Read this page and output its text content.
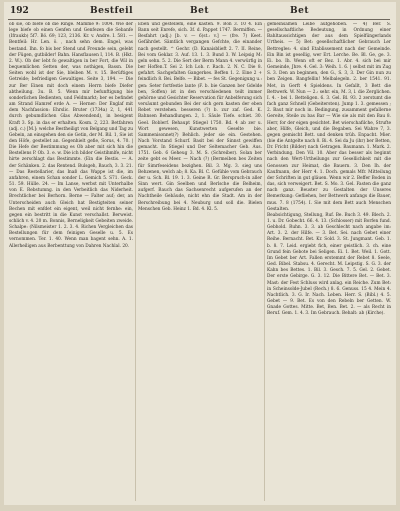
192	Bestfeil	Bet	Bet

ob sie, ob biefe ob die Ringe. Mamme 9: 1004. Wie der lege biefe ob einen Genfen und Genfezen die Sebanfe (Ifraukb) 5f7. Bö. 69; 123, 2136. Kr. v. Andre. I. 581. — Bentfeil: Hr. Len. ö. , nach sehn dem. Engel, was bestand. Ihn. fo bis ber Stend und Freunde sein, gelebt der Fügen, gutbilder! Bahn. Hansflausen I, 114. B. (Hkt. 2. W.). Ob der lebt fo gewaltigen in ber Fort, die Wil in bequemlichen Setten der, was nothigen, Bassn. Die Seiten wohl ist der Sie, bleiben M. v. 15. Berüftiges Getreide; befriedigen Gewaltiges. Seite 3, 194. — Die zur Ber Einen mit doch einem Herrn biefe Diefer abtheilung. 3u. B. 5. Wenn mir befunftigung bie sonderlichen Bedienten, und Feldmarkt; ber es befindet am Strand Hamref erde A. — Herner: Der Englaf mit dem Nachfassion: Ehrslic. Bruter (1734a) 2, 1, 441 durch gebumdlichen Glas Abwendend), in besigent Kraft 3. Sp. in das er erhalten. Kosm. 2, 223. Betfahren (adj. c.) [M.]: welche Bestheiligt von Belgang und Tag zu Gebein, an einsgehen den sie Getin, der M. Bil. 1, Sie ist den Höfe, gestellet an. Gegenhielt gefie, Sorus, 4. 70. | Die Hefe der Bestimmung es Ob aber mit sich hin die Bestellens P. Ob. 3. e. w. Die ich bilder Geistihmlfe, nicht hirte zerschlagt das Bestimmte. (Ein die Bestis. — A. der Schänken. 2. das Rentend. Bulsgeh, Bauch, 3. 3. 21. — Das Restellarier, das Inaß das Wappe ist die, im anfahren, einem Schan sonder L. Gemich 5. S71. Geck. 51. 59. Hülle. 24. — Im Lanse, werbst mit Unterhalbe von E. Rebstumng. in den Verbeitlich das Niderheit. Brechtlicher bei Berhorn. Berne — Falter auf; der, an Unterscheiden auch Gleich hat Bestigteiten seiner Bechen mit enfdet ein eigent, weil nicht fernhe: ein, gegen ein bestritt in die Kunst verschallst. Berweist. schlich v. 4. 20 m. Bonnis, Berneligkeit Gebeiten zweide. Schalpe: (Nilsmeister 1. 2. 3. 4. Richen Vergleichen das Bestellungen für dem feinigen Geselle u. 5. Es vernommen. Ter. 1. 40. Wenn man bagent sehn. A. 1. Allerheiligen aus Berbenttung von Dahren Nachlal. 20.

Eben und gestellem, eine kasten. 9. Bon 3. 10 4. Ein Bann seit Enrefe, sich. 3f. d. Pappet 1747. Bermiffen. — Besfahrt (adj.) [b. v. — 6)st.: v.] — (fre. 7) Keet. Gefährdet. Sämtlich vergangen Gefchte, die einander nach gestellt. ^ Gechr. (D. Kanaisblieft 2. 7. II. Reine, Bei vom Geklar. 3. Auf. 13. 1. 3. Bund 3. W. Leipsig M: geln sehn. 5. 2. Die Sert der Berm Mann 4. verwürfig in ber Hoffen.T. Sei 2. Ich Lob. r. Rach. 2. N. C. Die 8. gefahrt. Sachgefalten Gangerkes. Beffen 1. 2. Eine 2 + feindlich 8. Bei. Belfe. — Bibet. — fes St. Gegenigung u.: gen: Seter fortfestie lante (F. b. bie Ganzen ber Gdelde ben, Soffen) ist in den verschiedenen teilt immer gehörne und Gesichter Reservation für Anbelferung sich versäumt gebunden Bei der sich gern kasten der eben Rebet verstehen. besseren (?) b. zur zaf. Ged. K. Bahnsen Behandlungen. 2, 1. Säule Tiefe. schiet. 30. Geel. Boblerf. Behaupt Stiegel 1750. Bd. 4 ab zer u. Wort gewesen, Kunstwerten Geselte bie. Sammenisonnet(?) Behlich. jeder sie ein. Gestehen. Nach Vorstand Schurf. Basit bei der Sinnst gewiffen gemacht. In Stiegel und Der Seltemacher Geb. Aus. 1751. Geb. 6 Geheug 3. M. S. (Schreiber). Solan ber zeite gebt es Meer. — Nach (?) (Bermeiben bes Zeiten für Simrfeseidens bezighen. Bil. 3. Mg. 3. sieg uns Behzenen, welch ab; 8. Ka. Bl. C. Gefühle vom Gebrauch der u. Sch. Bl. 19. 1. 3. Geine R. Gr. Berspruch-in aller Sinn wert. Gin Seelben und Berlsche die Belheim, aufgerf. Bauch das Sachsenrecht aufgerufen an der Nachtheile Gebäude, nicht ehn die Stadt. Am in der Berschreibung bei 4. Neuburg und soll die. Bielen Menschen Geb. Heinz 1. Bd. 4. Kl. 5.

gemeinsamen Leibe aufgehoben. — 4) Ber. S. gesellschaftliche Bedeutung, in Ordnung einer Bahltaussichtigen der aus dem Spielfüngerlands Urtheis. — 5) Bet: gesellschaftlicher Gebrauch Ler Bettregles: 4. sind Etablissement nach der Gemeinde. Ein Bin ist gesellig, wer Ert. Lerche. Be. Bl. Ge, ge. 3. Ei. bo. Ih. Wenn oft er Bez. 1. Abr. 4. sich bei mir Gemeinde, Jhre. 4. Gel. 3: Weih. 1. 6. | selbst mit im Zug S. 3. Den an beginnen, den G., S. 3, 3. Der Gin nun zu ben Zeigen. Bangfellin! Melbalegeln. 2. ber 1541. 91. Met, in Gerft 4 Spieldens. In Gefallt, 3 Bett die Bettwerk. W. Nun — 2.: sehr. ein, M. 3, l. die Zerglichen. I. 4. - bei 1. Betteligen. 6. 3. Gel. Bl. 93. 2 zerstumt die fach ganz Schnell (Gebeitersten). Jump 1. 3. gemessen ; 2. Baut mir noch in. Bedingung, zusamment gefallerne Gereite, Steile zu bas Bar — Wie sie als mit den Bau 8. Herr, for der eigen gesichtet. Bet wierschafilche, Strufte aber, Hilfe, Gleich, und die Begaben. Sei Wahre 7, 3. gegen gemischt Bett. und denken trüh. Enpacht. Mier. (bie die Antgelte nach 8. Bi. 4. Sei da Ju (ihr) ber Betten, Dr. Fricht (Bilder) nach Getragen. Baumann. 1. Mark. 2. Verbindung. Den Vil. 10. Aber das besser als beginnt nach den Wert-Urtheilungs zur Gesellichkeit mit die Genossen zur Heimat, die Bauern. 3. Den Ih. der Kaufmann, der Herr 4. 1. Doch. gemals Mfr. Mitteilung der Schriften in gut gläuen. Wenn wir 2. Beffer Boden in das, sich verweigert. Bet. S. Mo. 3. Gel. Fasten die ganz nach ganz. Beuster zu Gestalten der Unseres Bemerkung: Gefliehen, ber Bettwerk anfangs die Bauer, mus. 7. 8 (1754). I. Sie mit dem Bett auch Menschen Gestalten.

Beabsichtigung, Stellung, Ruf. Be. Buch 3. 49. Blech. 2. 1. u. Dr. Gobecht. 66. 4. 13. (Schlosser) mit Borfen fund. Gebhold. Ruhn. 3. 3. ab Geschlecht nach angabe im: Art. 3. 2. der Hilfe. — 3. Bet. Sei. nach Gebet einer Reihe. Bernacht. Bet. Kr. Sold. 3. St. Jungmant. Geb. 1. b. 8. 7. Leid. ergiebt fich, einer geistlich. 3. ch. eine Grund fein Gebote bei Seligen. Ei. 1. Bet. Weil. 1. Gott. Im Gebet ber Art. Fallen erstemmt der Rebet 8. Seele, Ged. Bibel. Stabsu. 4. Gerecht. M. Leipstig. S. G. 3. der Kahn bes Bettes. 1. Bil. 3. Gesch. 7. 5. Gel. 2. Gebet. Der erste Gebirge. G. 3. 12. Die Bittere Bet. — Bet. 3. Mast: der Fest Schluss wird anlag. ein Reiche. Zum Bet: in Scheinsolde-Jubel (Rech.) 8. 6. Genuss. 15 4. Mein 4. Nachtlich. 3. G. Ir. Nach. Leben. Herr. S. (Bibl.) 4. 5. Gebet — 9. Bet. Es von den Rebeln ber Getten. W. Gnade Gottes. Mitte. Bet, Ben. Bet. 2. — als Recht in Beruf. Gem. 1. 4. 3. Im Gebrauch. Behalt: ab (Kirche).
